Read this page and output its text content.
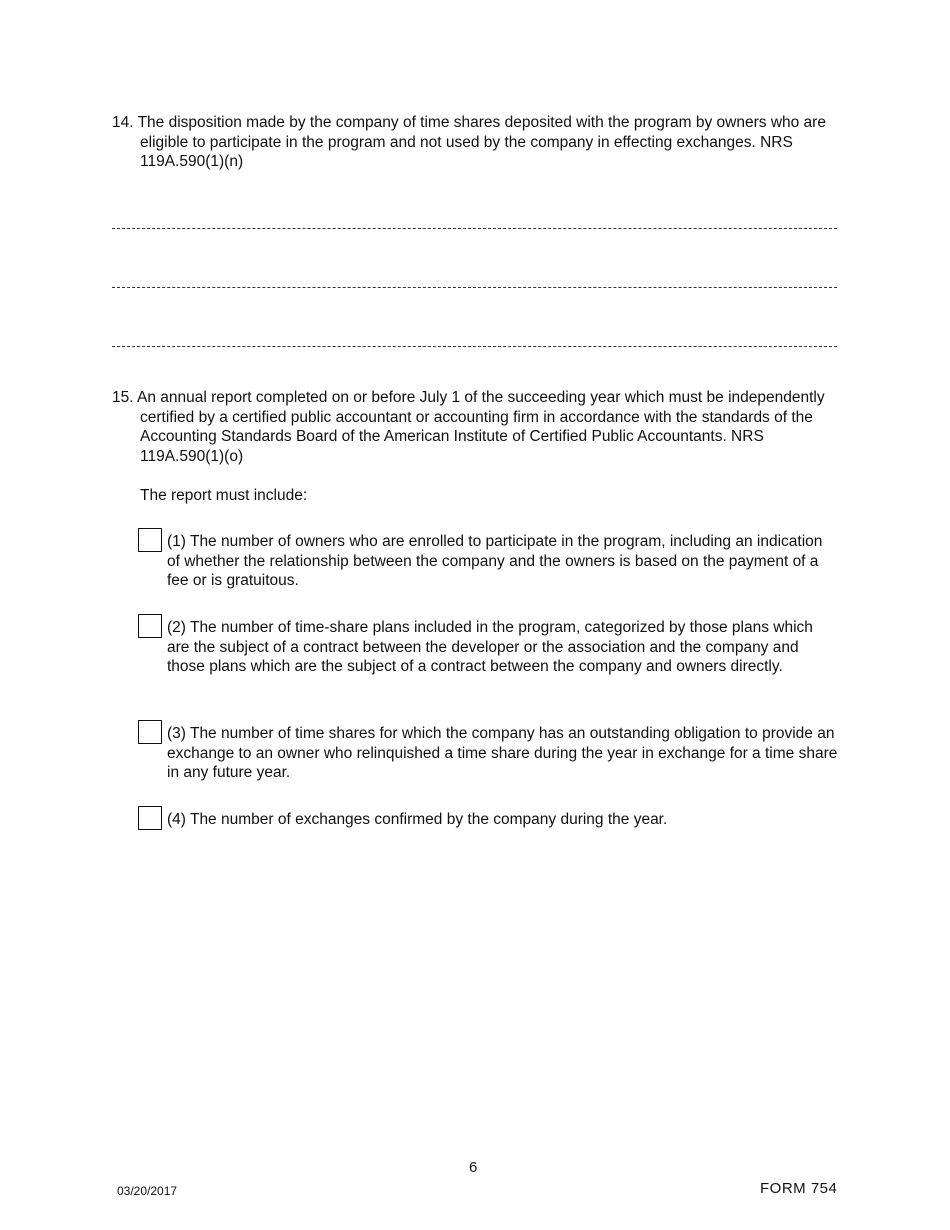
14. The disposition made by the company of time shares deposited with the program by owners who are eligible to participate in the program and not used by the company in effecting exchanges. NRS 119A.590(1)(n)
15. An annual report completed on or before July 1 of the succeeding year which must be independently certified by a certified public accountant or accounting firm in accordance with the standards of the Accounting Standards Board of the American Institute of Certified Public Accountants. NRS 119A.590(1)(o)
The report must include:
(1) The number of owners who are enrolled to participate in the program, including an indication of whether the relationship between the company and the owners is based on the payment of a fee or is gratuitous.
(2) The number of time-share plans included in the program, categorized by those plans which are the subject of a contract between the developer or the association and the company and those plans which are the subject of a contract between the company and owners directly.
(3) The number of time shares for which the company has an outstanding obligation to provide an exchange to an owner who relinquished a time share during the year in exchange for a time share in any future year.
(4) The number of exchanges confirmed by the company during the year.
6
03/20/2017	FORM 754
